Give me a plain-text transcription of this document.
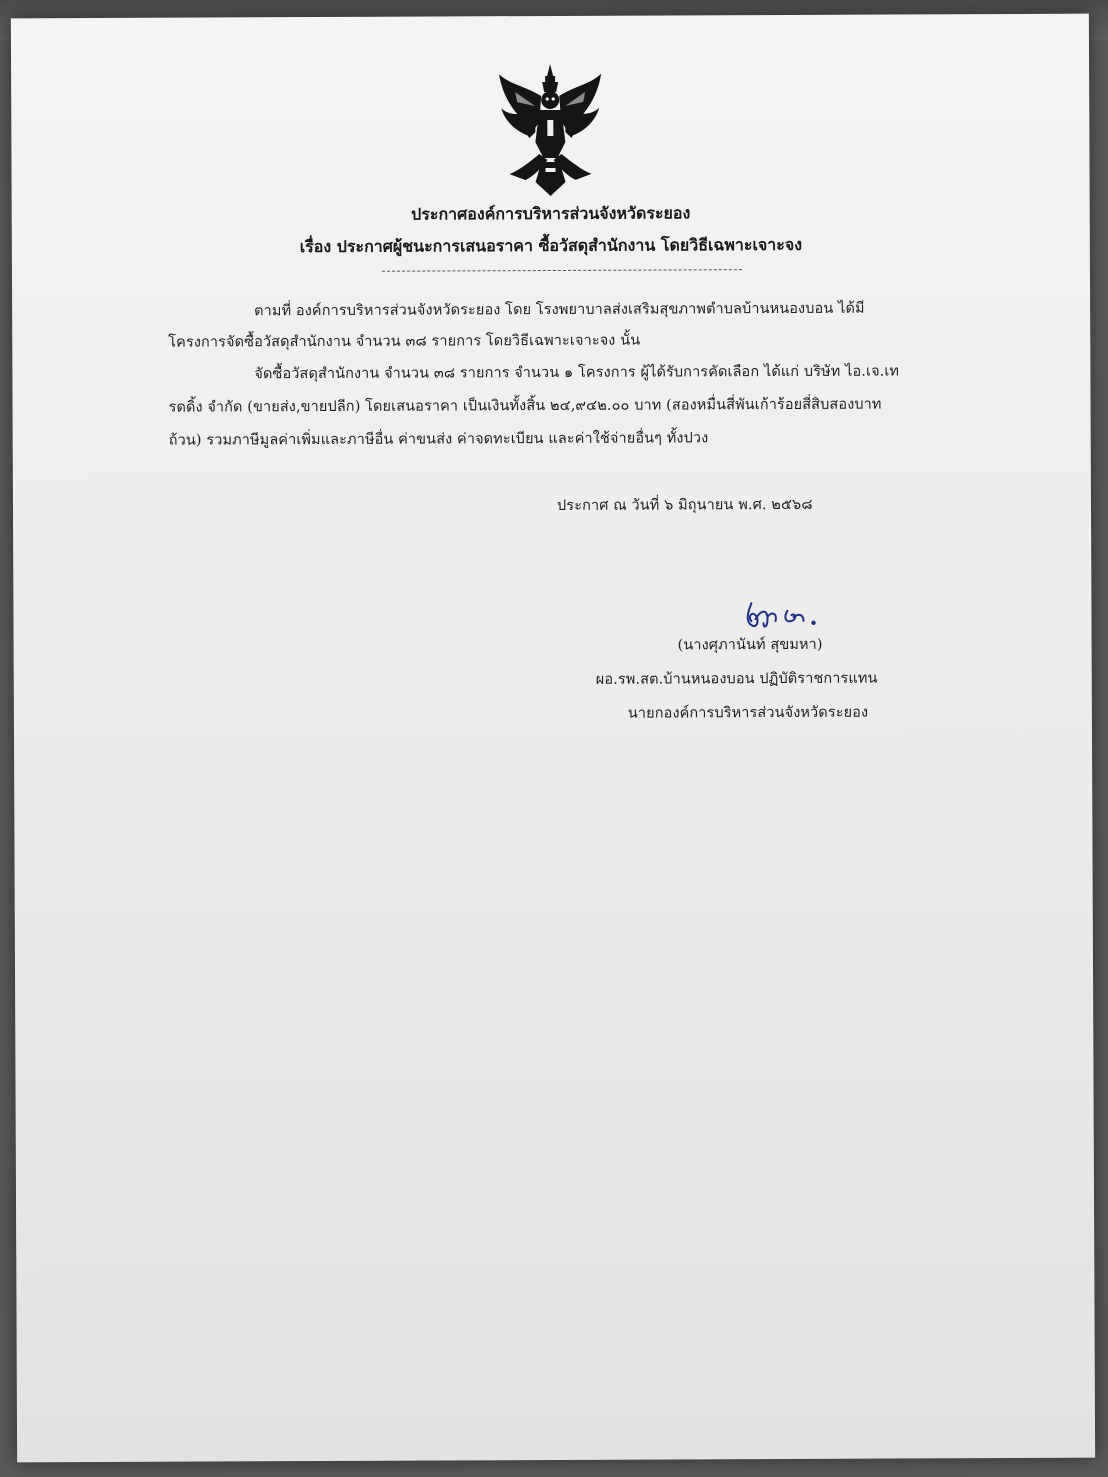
ประกาศองค์การบริหารส่วนจังหวัดระยอง
เรื่อง ประกาศผู้ชนะการเสนอราคา ซื้อวัสดุสำนักงาน โดยวิธีเฉพาะเจาะจง
ตามที่ องค์การบริหารส่วนจังหวัดระยอง โดย โรงพยาบาลส่งเสริมสุขภาพตำบลบ้านหนองบอน ได้มี
โครงการจัดซื้อวัสดุสำนักงาน จำนวน ๓๘ รายการ โดยวิธีเฉพาะเจาะจง นั้น
จัดซื้อวัสดุสำนักงาน จำนวน ๓๘ รายการ จำนวน ๑ โครงการ ผู้ได้รับการคัดเลือก ได้แก่ บริษัท ไอ.เจ.เท
รดดิ้ง จำกัด (ขายส่ง,ขายปลีก) โดยเสนอราคา เป็นเงินทั้งสิ้น ๒๔,๙๔๒.๐๐ บาท (สองหมื่นสี่พันเก้าร้อยสี่สิบสองบาท
ถ้วน) รวมภาษีมูลค่าเพิ่มและภาษีอื่น ค่าขนส่ง ค่าจดทะเบียน และค่าใช้จ่ายอื่นๆ ทั้งปวง
ประกาศ ณ วันที่ ๖ มิถุนายน พ.ศ. ๒๕๖๘
(นางศุภานันท์ สุขมหา)
ผอ.รพ.สต.บ้านหนองบอน ปฏิบัติราชการแทน
นายกองค์การบริหารส่วนจังหวัดระยอง
